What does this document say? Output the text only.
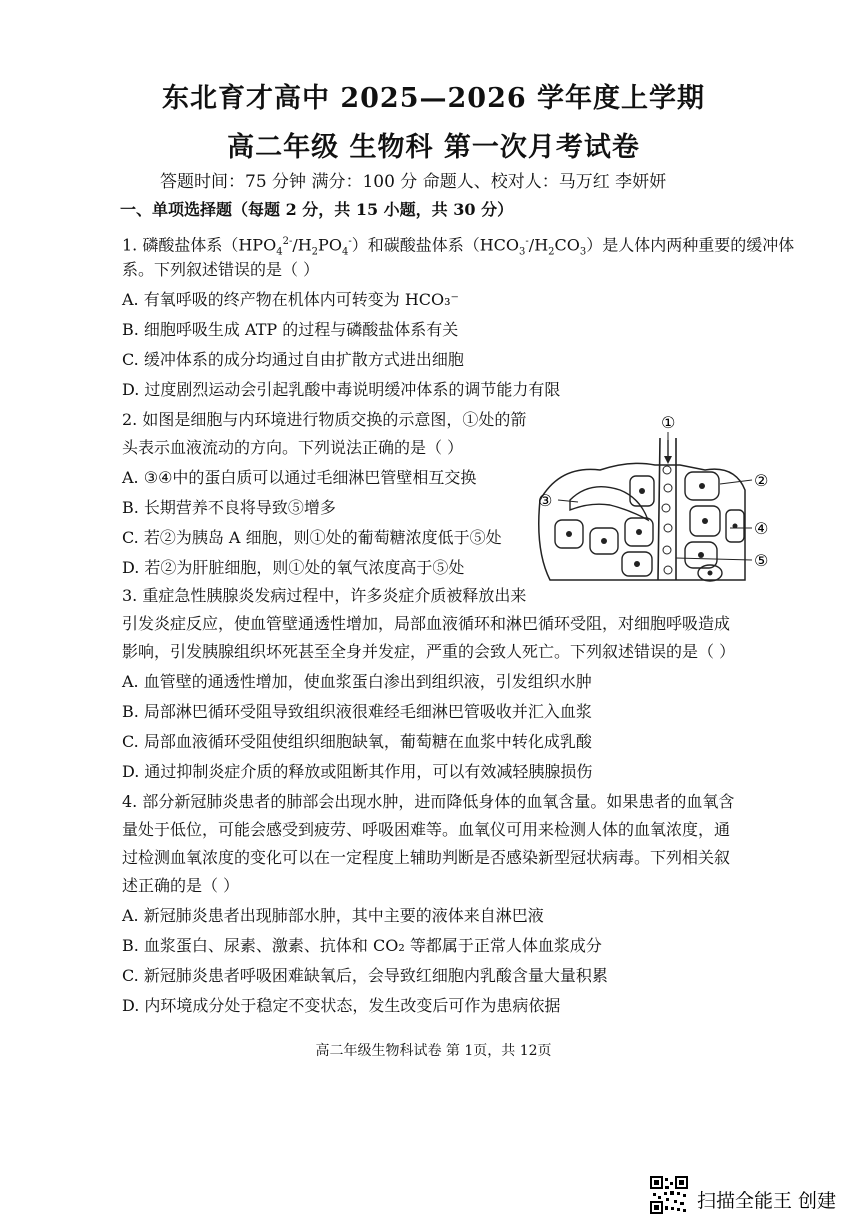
东北育才高中 2025—2026 学年度上学期
高二年级 生物科 第一次月考试卷
答题时间：75 分钟 满分：100 分 命题人、校对人：马万红 李妍妍
一、单项选择题（每题 2 分，共 15 小题，共 30 分）
1. 磷酸盐体系$(HPO_4^{2-}/H_2PO_4^-)$和碳酸盐体系$(HCO_3^-/H_2CO_3)$是人体内两种重要的缓冲体
系。下列叙述错误的是（ ）
A. 有氧呼吸的终产物在机体内可转变为 HCO₃⁻
B. 细胞呼吸生成 ATP 的过程与磷酸盐体系有关
C. 缓冲体系的成分均通过自由扩散方式进出细胞
D. 过度剧烈运动会引起乳酸中毒说明缓冲体系的调节能力有限
2. 如图是细胞与内环境进行物质交换的示意图，①处的箭
头表示血液流动的方向。下列说法正确的是（ ）
A. ③④中的蛋白质可以通过毛细淋巴管壁相互交换
B. 长期营养不良将导致⑤增多
C. 若②为胰岛 A 细胞，则①处的葡萄糖浓度低于⑤处
D. 若②为肝脏细胞，则①处的氧气浓度高于⑤处
①
②
③
④
⑤
3. 重症急性胰腺炎发病过程中，许多炎症介质被释放出来
引发炎症反应，使血管壁通透性增加，局部血液循环和淋巴循环受阻，对细胞呼吸造成
影响，引发胰腺组织坏死甚至全身并发症，严重的会致人死亡。下列叙述错误的是（ ）
A. 血管壁的通透性增加，使血浆蛋白渗出到组织液，引发组织水肿
B. 局部淋巴循环受阻导致组织液很难经毛细淋巴管吸收并汇入血浆
C. 局部血液循环受阻使组织细胞缺氧，葡萄糖在血浆中转化成乳酸
D. 通过抑制炎症介质的释放或阻断其作用，可以有效减轻胰腺损伤
4. 部分新冠肺炎患者的肺部会出现水肿，进而降低身体的血氧含量。如果患者的血氧含
量处于低位，可能会感受到疲劳、呼吸困难等。血氧仪可用来检测人体的血氧浓度，通
过检测血氧浓度的变化可以在一定程度上辅助判断是否感染新型冠状病毒。下列相关叙
述正确的是（ ）
A. 新冠肺炎患者出现肺部水肿，其中主要的液体来自淋巴液
B. 血浆蛋白、尿素、激素、抗体和 CO₂ 等都属于正常人体血浆成分
C. 新冠肺炎患者呼吸困难缺氧后，会导致红细胞内乳酸含量大量积累
D. 内环境成分处于稳定不变状态，发生改变后可作为患病依据
高二年级生物科试卷 第 1页，共 12页
扫描全能王 创建
